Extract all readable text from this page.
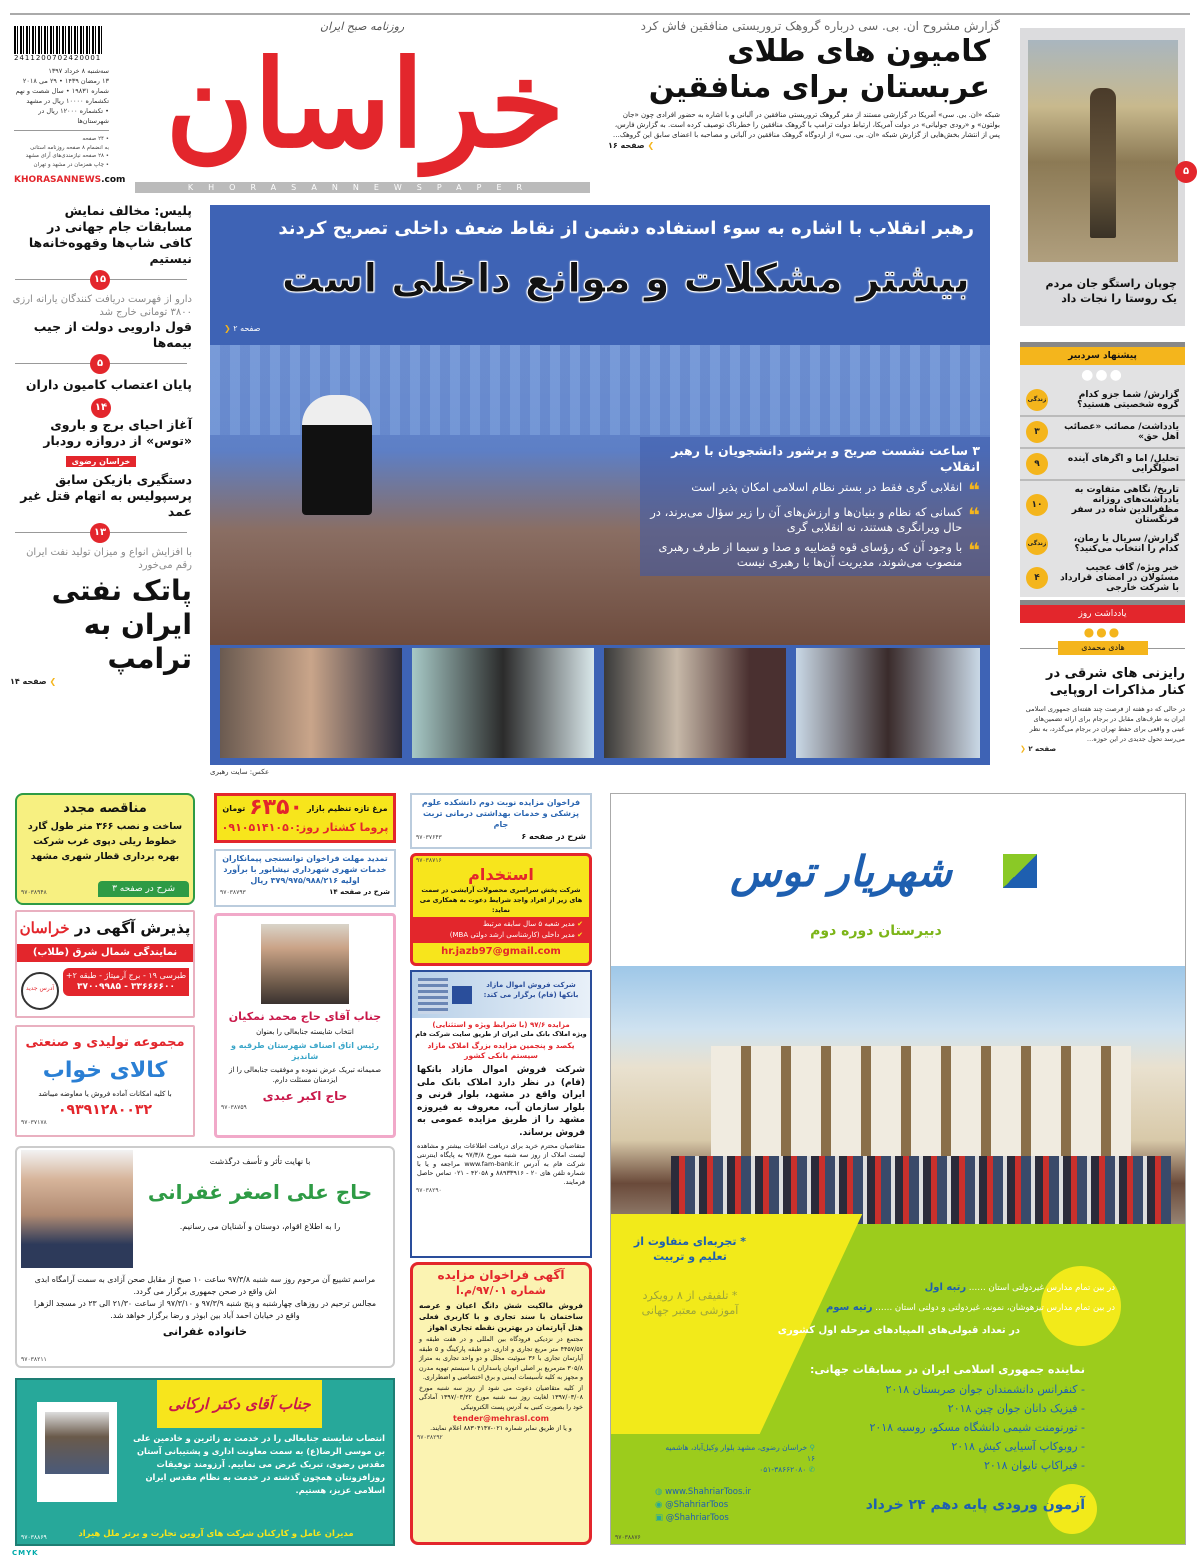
2411200702420001
سه‌شنبه ۸ خرداد ۱۳۹۷
۱۳ رمضان ۱۴۳۹ • ۲۹ می ۲۰۱۸
شماره ۱۹۸۳۱ • سال شصت و نهم
تکشماره ۱۰۰۰۰ ریال در مشهد
• تکشماره ۱۲۰۰۰ ریال در شهرستان‌ها
• ۲۴ صفحه
به انضمام ۸ صفحه روزنامه استانی
• ۲۸ صفحه نیازمندی‌های آرای مشهد
• چاپ همزمان در مشهد و تهران
KHORASANNEWS.com
روزنامه صبح ایران
خراسان
KHORASANNEWSPAPER
گزارش مشروح ان. بی. سی درباره گروهک تروریستی منافقین فاش کرد
کامیون های طلای عربستان برای منافقین
شبکه «ان. بی. سی» آمریکا در گزارشی مستند از مقر گروهک تروریستی منافقین در آلبانی و با اشاره به حضور افرادی چون «جان بولتون» و «رودی جولیانی» در دولت آمریکا، ارتباط دولت ترامپ با گروهک منافقین را خطرناک توصیف کرده است. به گزارش فارس، پس از انتشار بخش‌هایی از گزارش شبکه «ان. بی. سی» از اردوگاه گروهک منافقین در آلبانی و مصاحبه با اعضای سابق این گروهک…
❯ صفحه ۱۶
چوپان راستگو جان مردم یک روستا را نجات داد
۵
پلیس: مخالف نمایش مسابقات جام جهانی در کافی شاپ‌ها وقهوه‌خانه‌ها نیستیم
۱۵
دارو از فهرست دریافت کنندگان یارانه ارزی ۳۸۰۰ تومانی خارج شد
قول دارویی دولت از جیب بیمه‌ها
۵
پایان اعتصاب کامیون داران
۱۴
آغاز احیای برج و باروی «توس» از دروازه رودبار
خراسان رضوی
دستگیری بازیکن سابق پرسپولیس به اتهام قتل غیر عمد
۱۳
با افزایش انواع و میزان تولید نفت ایران رقم می‌خورد
پاتک نفتی ایران به ترامپ
❯ صفحه ۱۴
رهبر انقلاب با اشاره به سوء استفاده دشمن از نقاط ضعف داخلی تصریح کردند
بیشتر مشکلات و موانع داخلی است
❯ صفحه ۲
۳ ساعت نشست صریح و پرشور دانشجویان با رهبر انقلاب
❝
انقلابی گری فقط در بستر نظام اسلامی امکان پذیر است
❝
کسانی که نظام و بنیان‌ها و ارزش‌های آن را زیر سؤال می‌برند، در حال ویرانگری هستند، نه انقلابی گری
❝
با وجود آن که رؤسای قوه قضاییه و صدا و سیما از طرف رهبری منصوب می‌شوند، مدیریت آن‌ها با رهبری نیست
عکس: سایت رهبری
پیشنهاد سردبیر
●●●
گزارش/ شما جزو کدام گروه شخصیتی هستید؟
زندگی
یادداشت/ مصائب «عصائب اهل حق»
۳
تحلیل/ اما و اگرهای آینده اصولگرایی
۹
تاریخ/ نگاهی متفاوت به یادداشت‌های روزانه مظفرالدین شاه در سفر فرنگستان
۱۰
گزارش/ سریال یا رمان، کدام را انتخاب می‌کنید؟
زندگی
خبر ویژه/ گاف عجیب مسئولان در امضای قرارداد با شرکت خارجی
۴
یادداشت روز
●●●
هادی محمدی
رایزنی های شرقی در کنار مذاکرات اروپایی
در حالی که دو هفته از فرصت چند هفته‌ای جمهوری اسلامی ایران به طرف‌های مقابل در برجام برای ارائه تضمین‌های عینی و واقعی برای حفظ تهران در برجام می‌گذرد، به نظر می‌رسد تحول جدیدی در این حوزه…
❯ صفحه ۲
مناقصه مجدد
ساخت و نصب ۳۶۶ متر طول گارد خطوط ریلی دپوی غرب شرکت بهره برداری قطار شهری مشهد
شرح در صفحه ۳
۹۷۰۳۸۹۴۸
پذیرش آگهی در خراسان
نمایندگی شمال شرق (طلاب)
طبرسی ۱۹ - برج آرمیتاژ - طبقه ۲+
۳۳۶۶۶۶۰۰ - ۳۷۰۰۹۹۸۵
آدرس جدید
مجموعه تولیدی و صنعتی
کالای خواب
با کلیه امکانات آماده فروش یا معاوضه میباشد
۰۹۳۹۱۲۸۰۰۳۲
۹۷۰۳۷۱۷۸
مرغ تازه تنظیم بازار
۶۳۵۰
تومان
پروما کشتار روز:۰۹۱۰۵۱۴۱۰۵۰
تمدید مهلت فراخوان توانسنجی پیمانکاران خدمات شهری شهرداری نیشابور با برآورد اولیه ۳۷۹/۹۷۵/۹۸۸/۲۱۶ ریال
شرح در صفحه ۱۴
۹۷۰۳۸۷۹۳
جناب آقای حاج محمد نمکیان
انتخاب شایسته جنابعالی را بعنوان
رئیس اتاق اصناف شهرستان طرقبه و شاندیز
صمیمانه تبریک عرض نموده و موفقیت جنابعالی را از ایزدمنان مسئلت دارم.
حاج اکبر عبدی
۹۷۰۳۸۷۵۹
فراخوان مزایده نوبت دوم دانشکده علوم پزشکی و خدمات بهداشتی درمانی تربت جام
شرح در صفحه ۶
۹۷۰۳۷۶۴۳
۹۷۰۳۸۷۱۶
استخدام
شرکت پخش سراسری محصولات آرایشی در سمت های زیر از افراد واجد شرایط دعوت به همکاری می نماید:
✔ مدیر شعبه ۵ سال سابقه مرتبط
✔ مدیر داخلی (کارشناسی ارشد دولتی MBA)
hr.jazb97@gmail.com
شرکت فروش اموال مازاد بانکها (فام) برگزار می کند:
مزایده ۹۷/۶ (با شرایط ویژه و استثنایی)
ویژه املاک بانک ملی ایران از طریق سایت شرکت فام
یکصد و پنجمین مزایده بزرگ املاک مازاد سیستم بانکی کشور
شرکت فروش اموال مازاد بانکها (فام) در نظر دارد املاک بانک ملی ایران واقع در مشهد، بلوار قرنی و بلوار سازمان آب، معروف به فیروزه مشهد را از طریق مزایده عمومی به فروش برساند.
متقاضیان محترم خرید برای دریافت اطلاعات بیشتر و مشاهده لیست املاک از روز سه شنبه مورخ ۹۷/۳/۸ به پایگاه اینترنتی شرکت فام به آدرس www.fam-bank.ir مراجعه و یا با شماره تلفن های ۲۰ - ۸۸۹۳۳۹۱۶ و ۴۲۰۵۸ - ۰۲۱ تماس حاصل فرمایند.
۹۷۰۳۸۲۹۰
آگهی فراخوان مزایده
شماره ۹۷/۰۱/م.ا
فروش مالکیت شش دانگ اعیان و عرصه ساختمان با سند تجاری و با کاربری فعلی هتل آپارتمان در بهترین نقطه تجاری اهواز
مجتمع در نزدیکی فرودگاه بین المللی و در هفت طبقه و ۴۴۵۷/۵۷ متر مربع تجاری و اداری، دو طبقه پارکینگ و ۵ طبقه آپارتمان تجاری با ۳۶ سوئیت مجلل و دو واحد تجاری به متراژ ۳۰۵/۸ مترمربع بر اصلی اتوبان پاسداران با سیستم تهویه مدرن و مجهز به کلیه تأسیسات ایمنی و برق اختصاصی و اضطراری.
از کلیه متقاضیان دعوت می شود از روز سه شنبه مورخ ۱۳۹۷/۰۳/۰۸ لغایت روز سه شنبه مورخ ۱۳۹۷/۰۳/۲۲ آمادگی خود را بصورت کتبی به آدرس پست الکترونیکی
tender@mehrasl.com
و یا از طریق نمابر شماره ۰۲۱-۸۸۳۰۴۱۴۷ اعلام نمایند.
۹۷۰۳۸۲۹۲
با نهایت تأثر و تأسف درگذشت
حاج علی اصغر غفرانی
را به اطلاع اقوام، دوستان و آشنایان می رسانیم.
مراسم تشییع آن مرحوم روز سه شنبه ۹۷/۳/۸ ساعت ۱۰ صبح از مقابل صحن آزادی به سمت آرامگاه ابدی اش واقع در صحن جمهوری برگزار می گردد.
مجالس ترحیم در روزهای چهارشنبه و پنج شنبه ۹۷/۳/۹ و ۹۷/۳/۱۰ از ساعت ۲۱/۳۰ الی ۲۳ در مسجد الزهرا واقع در خیابان احمد آباد بین ابوذر و رضا برگزار خواهد شد.
خانواده غفرانی
۹۷۰۳۸۲۱۱
جناب آقای دکتر ارکانی
انتصاب شایسته جنابعالی را در خدمت به زائرین و خادمین علی بن موسی الرضا(ع) به سمت معاونت اداری و پشتیبانی آستان مقدس رضوی، تبریک عرض می نماییم. آرزومند توفیقات روزافزونتان همچون گذشته در خدمت به نظام مقدس ایران اسلامی عزیز، هستیم.
مدیران عامل و کارکنان شرکت های آروین تجارت و برتر ملل هیراد
۹۷۰۳۸۸۶۹
شهریار توس
دبیرستان دوره دوم
* تجربه‌ای متفاوت از تعلیم و تربیت
* تلفیقی از ۸ رویکرد آموزشی معتبر جهانی
در بین تمام مدارس غیردولتی استان …… رتبه اول
در بین تمام مدارس تیزهوشان، نمونه، غیردولتی و دولتی استان …… رتبه سوم
در تعداد قبولی‌های المپیادهای مرحله اول کشوری
نماینده جمهوری اسلامی ایران در مسابقات جهانی:
- کنفرانس دانشمندان جوان صربستان ۲۰۱۸
- فیزیک دانان جوان چین ۲۰۱۸
- تورنومنت شیمی دانشگاه مسکو، روسیه ۲۰۱۸
- روبوکاپ آسیایی کیش ۲۰۱۸
- فیراکاپ تایوان ۲۰۱۸
آزمون ورودی پایه دهم ۲۴ خرداد
⚲ خراسان رضوی، مشهد بلوار وکیل‌آباد، هاشمیه ۱۶
✆ ۰۵۱-۳۸۶۶۲۰۸۰
◍ www.ShahriarToos.ir
◉ @ShahriarToos
▣ @ShahriarToos
۹۷۰۳۸۸۷۶
CMYK
